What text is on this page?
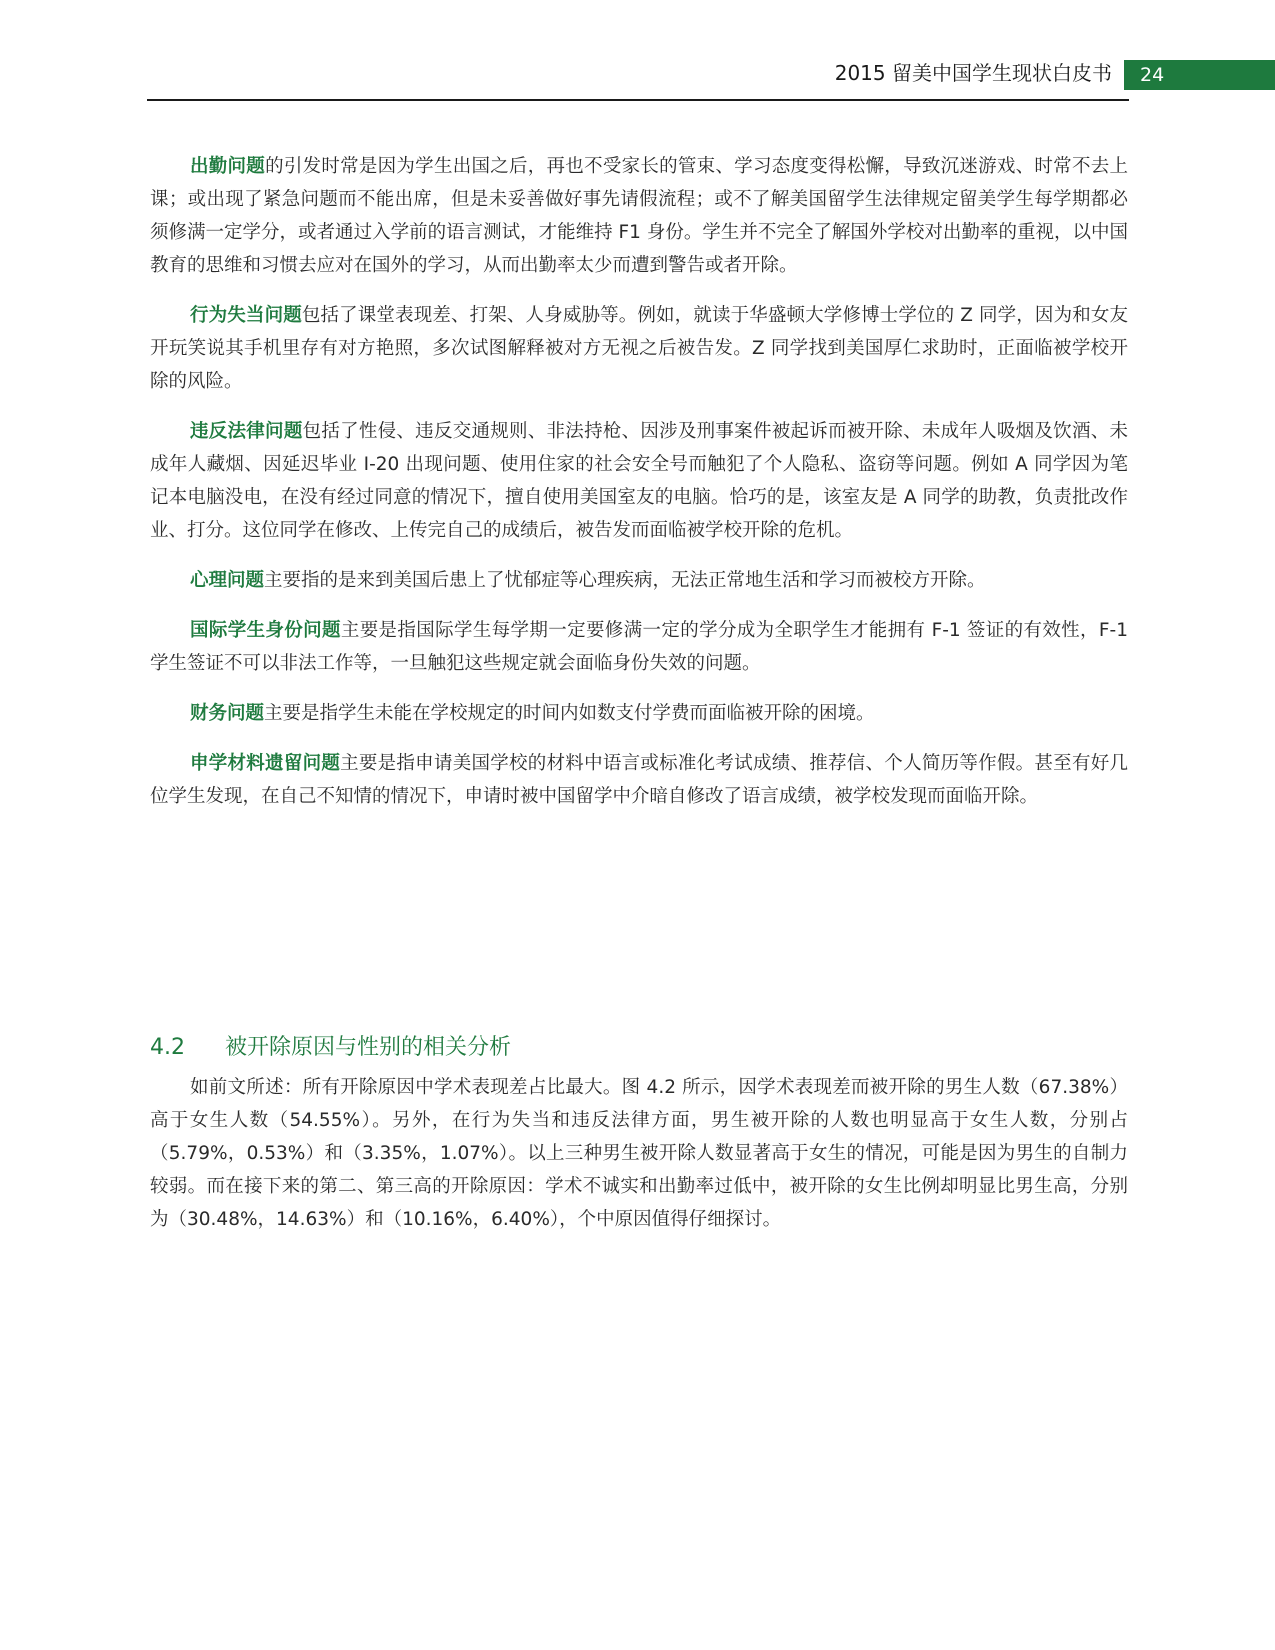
2015 留美中国学生现状白皮书	24

出勤问题的引发时常是因为学生出国之后，再也不受家长的管束、学习态度变得松懈，导致沉迷游戏、时常不去上课；或出现了紧急问题而不能出席，但是未妥善做好事先请假流程；或不了解美国留学生法律规定留美学生每学期都必须修满一定学分，或者通过入学前的语言测试，才能维持 F1 身份。学生并不完全了解国外学校对出勤率的重视，以中国教育的思维和习惯去应对在国外的学习，从而出勤率太少而遭到警告或者开除。

行为失当问题包括了课堂表现差、打架、人身威胁等。例如，就读于华盛顿大学修博士学位的 Z 同学，因为和女友开玩笑说其手机里存有对方艳照，多次试图解释被对方无视之后被告发。Z 同学找到美国厚仁求助时，正面临被学校开除的风险。

违反法律问题包括了性侵、违反交通规则、非法持枪、因涉及刑事案件被起诉而被开除、未成年人吸烟及饮酒、未成年人藏烟、因延迟毕业 I-20 出现问题、使用住家的社会安全号而触犯了个人隐私、盗窃等问题。例如 A 同学因为笔记本电脑没电，在没有经过同意的情况下，擅自使用美国室友的电脑。恰巧的是，该室友是 A 同学的助教，负责批改作业、打分。这位同学在修改、上传完自己的成绩后，被告发而面临被学校开除的危机。

心理问题主要指的是来到美国后患上了忧郁症等心理疾病，无法正常地生活和学习而被校方开除。

国际学生身份问题主要是指国际学生每学期一定要修满一定的学分成为全职学生才能拥有 F-1 签证的有效性，F-1 学生签证不可以非法工作等，一旦触犯这些规定就会面临身份失效的问题。

财务问题主要是指学生未能在学校规定的时间内如数支付学费而面临被开除的困境。

申学材料遗留问题主要是指申请美国学校的材料中语言或标准化考试成绩、推荐信、个人简历等作假。甚至有好几位学生发现，在自己不知情的情况下，申请时被中国留学中介暗自修改了语言成绩，被学校发现而面临开除。

4.2 被开除原因与性别的相关分析

如前文所述：所有开除原因中学术表现差占比最大。图 4.2 所示，因学术表现差而被开除的男生人数（67.38%）高于女生人数（54.55%）。另外，在行为失当和违反法律方面，男生被开除的人数也明显高于女生人数，分别占（5.79%，0.53%）和（3.35%，1.07%）。以上三种男生被开除人数显著高于女生的情况，可能是因为男生的自制力较弱。而在接下来的第二、第三高的开除原因：学术不诚实和出勤率过低中，被开除的女生比例却明显比男生高，分别为（30.48%，14.63%）和（10.16%，6.40%），个中原因值得仔细探讨。
